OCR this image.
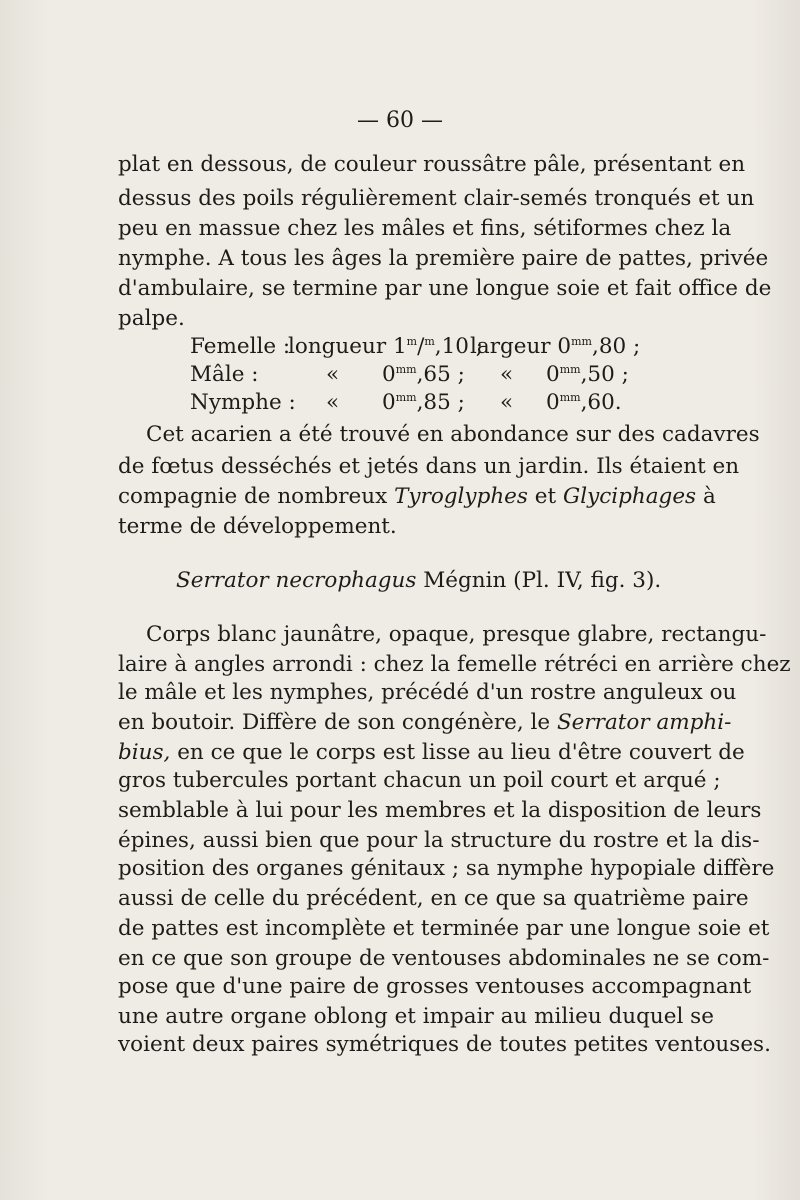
— 60 —
plat en dessous, de couleur roussâtre pâle, présentant en
dessus des poils régulièrement clair-semés tronqués et un
peu en massue chez les mâles et fins, sétiformes chez la
nymphe. A tous les âges la première paire de pattes, privée
d'ambulaire, se termine par une longue soie et fait office de
palpe.
Femelle :
longueur 1$^m$/$^m$,10 ;
largeur $0^{mm},80$ ;
Mâle :	« $0^{mm},65$ ; « $0^{mm},50$ ;
Nymphe : « $0^{mm},85$ ; « $0^{mm},60$.
Cet acarien a été trouvé en abondance sur des cadavres
de fœtus desséchés et jetés dans un jardin. Ils étaient en
compagnie de nombreux Tyroglyphes et Glyciphages à
terme de développement.
Serrator necrophagus Mégnin (Pl. IV, fig. 3).
Corps blanc jaunâtre, opaque, presque glabre, rectangu-
laire à angles arrondi : chez la femelle rétréci en arrière chez
le mâle et les nymphes, précédé d'un rostre anguleux ou
en boutoir. Diffère de son congénère, le Serrator amphi-
bius, en ce que le corps est lisse au lieu d'être couvert de
gros tubercules portant chacun un poil court et arqué ;
semblable à lui pour les membres et la disposition de leurs
épines, aussi bien que pour la structure du rostre et la dis-
position des organes génitaux ; sa nymphe hypopiale diffère
aussi de celle du précédent, en ce que sa quatrième paire
de pattes est incomplète et terminée par une longue soie et
en ce que son groupe de ventouses abdominales ne se com-
pose que d'une paire de grosses ventouses accompagnant
une autre organe oblong et impair au milieu duquel se
voient deux paires symétriques de toutes petites ventouses.
